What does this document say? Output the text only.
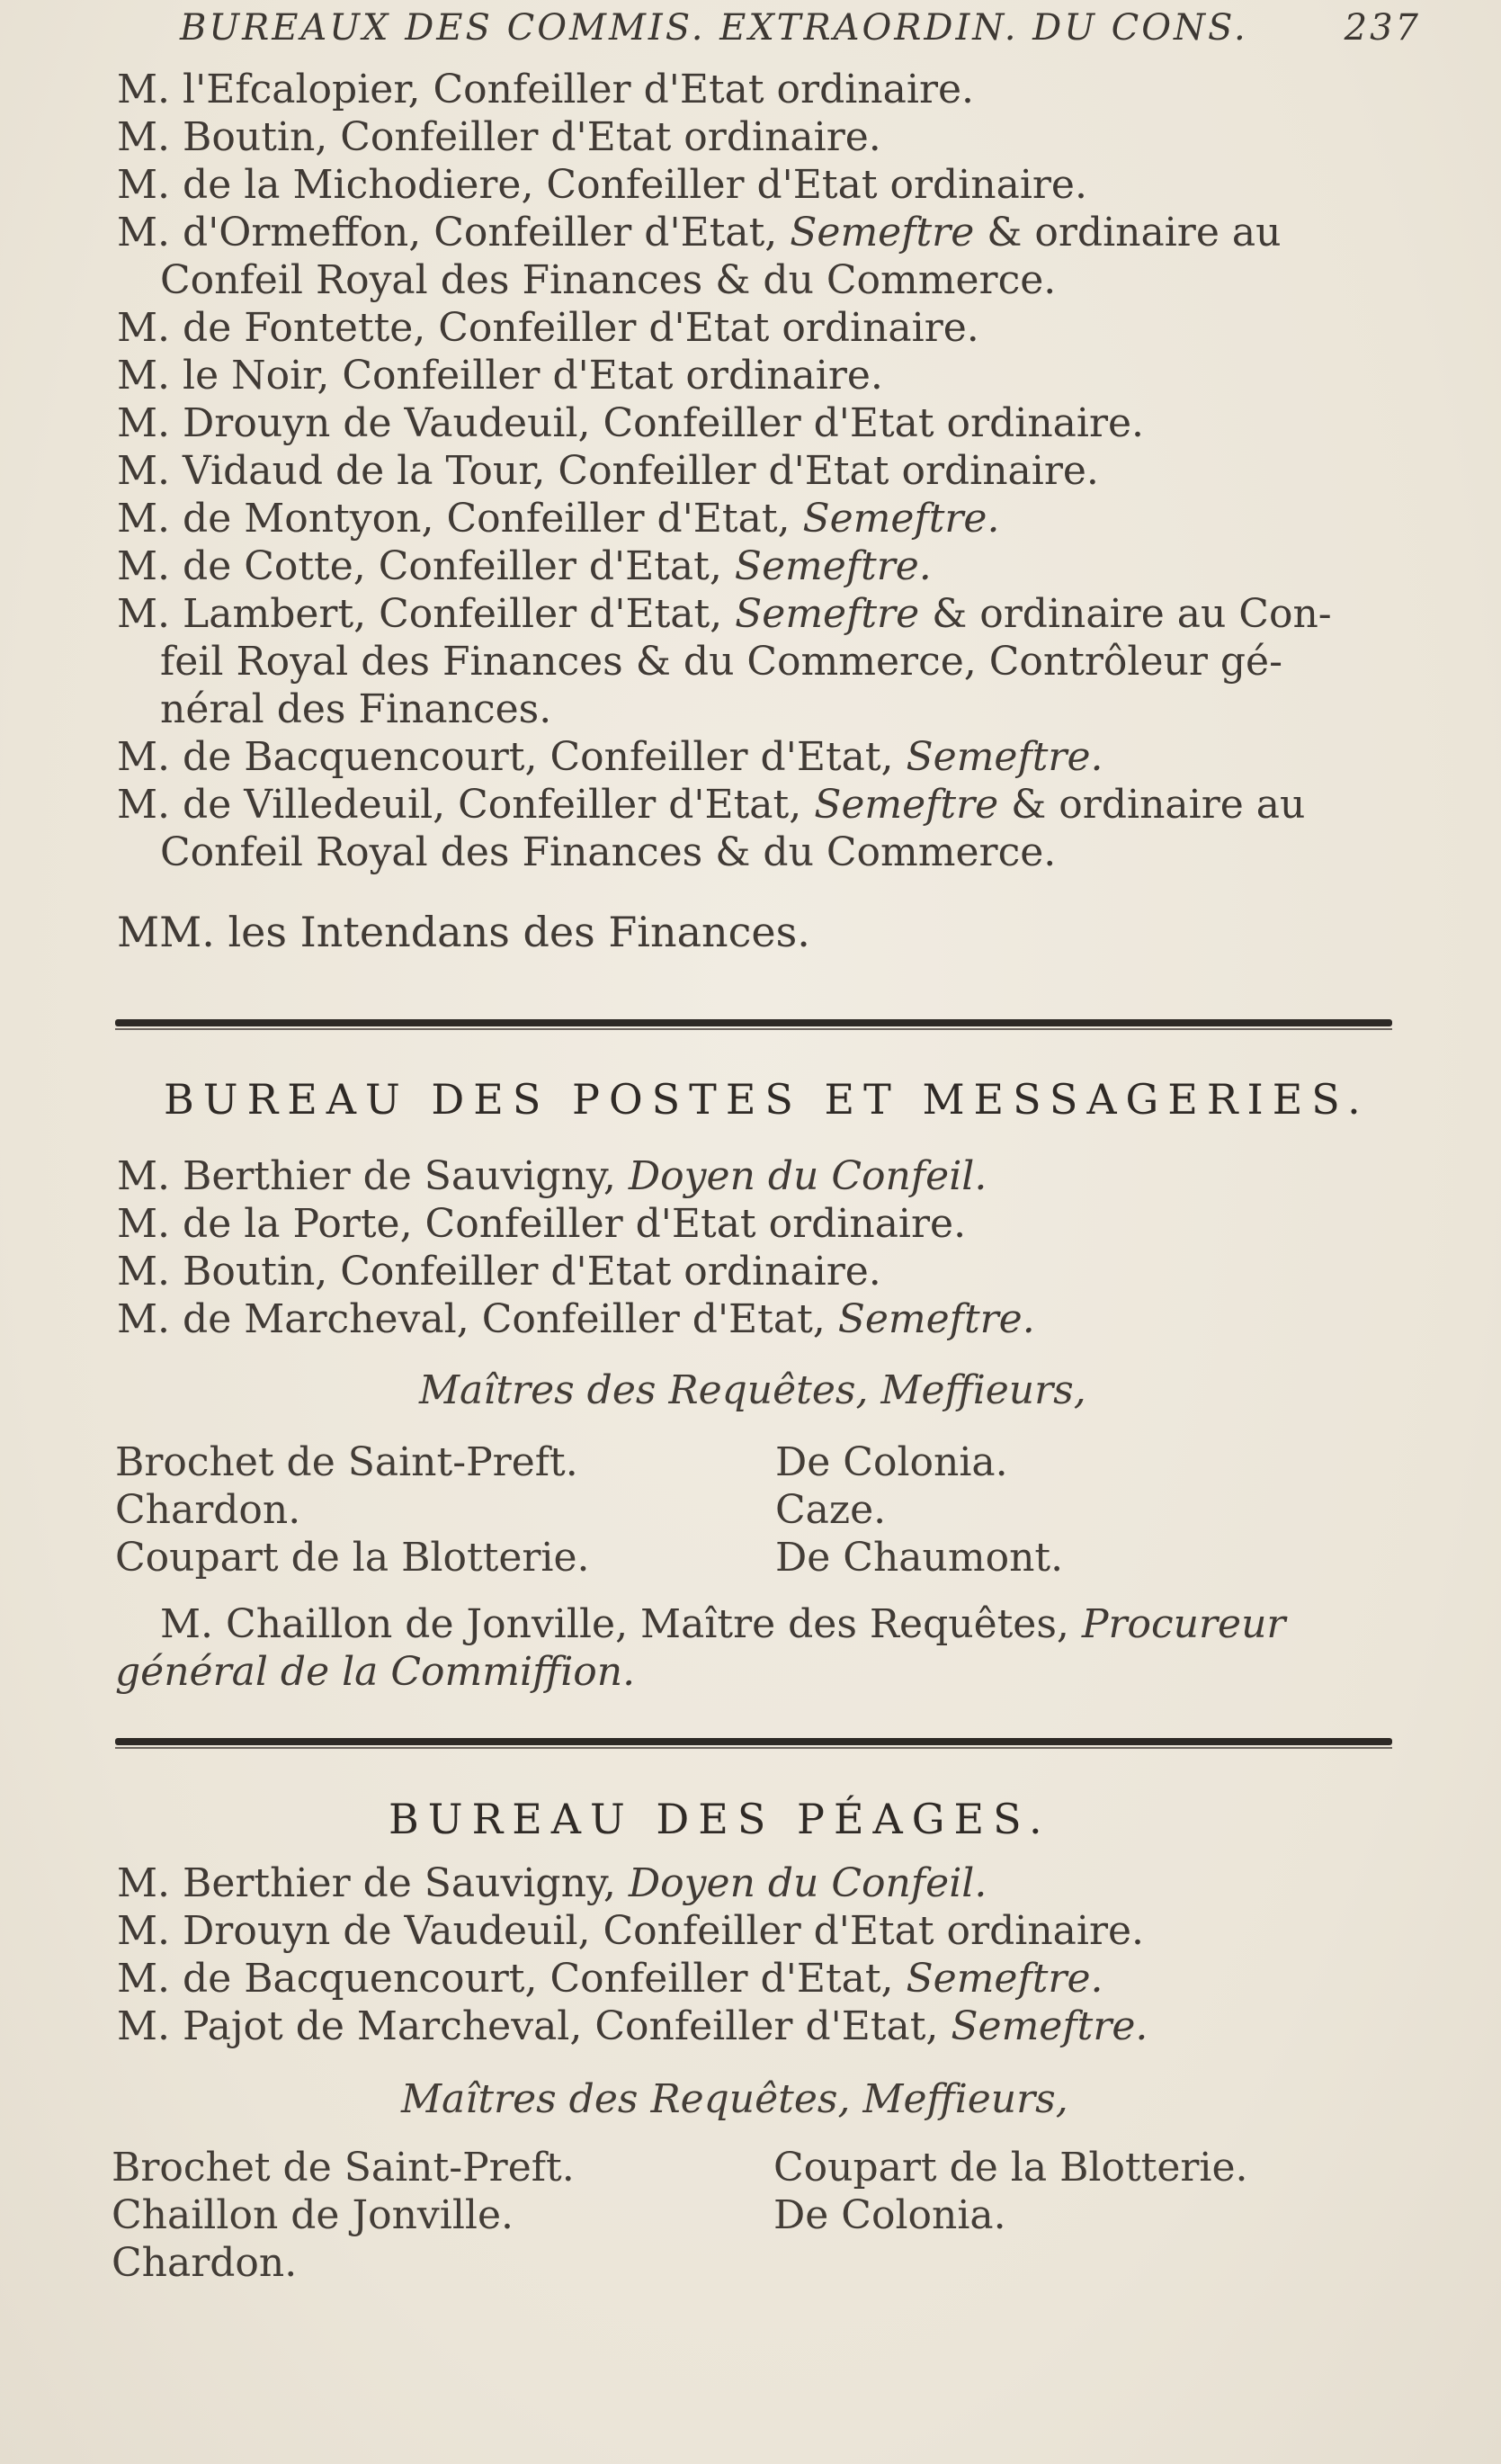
BUREAUX DES COMMIS. EXTRAORDIN. DU CONS.	237
M. l'Efcalopier, Confeiller d'Etat ordinaire.
M. Boutin, Confeiller d'Etat ordinaire.
M. de la Michodiere, Confeiller d'Etat ordinaire.
M. d'Ormeffon, Confeiller d'Etat, Semeftre & ordinaire au
Confeil Royal des Finances & du Commerce.
M. de Fontette, Confeiller d'Etat ordinaire.
M. le Noir, Confeiller d'Etat ordinaire.
M. Drouyn de Vaudeuil, Confeiller d'Etat ordinaire.
M. Vidaud de la Tour, Confeiller d'Etat ordinaire.
M. de Montyon, Confeiller d'Etat, Semeftre.
M. de Cotte, Confeiller d'Etat, Semeftre.
M. Lambert, Confeiller d'Etat, Semeftre & ordinaire au Con-
feil Royal des Finances & du Commerce, Contrôleur gé-
néral des Finances.
M. de Bacquencourt, Confeiller d'Etat, Semeftre.
M. de Villedeuil, Confeiller d'Etat, Semeftre & ordinaire au
Confeil Royal des Finances & du Commerce.
MM. les Intendans des Finances.
BUREAU DES POSTES ET MESSAGERIES.
M. Berthier de Sauvigny, Doyen du Confeil.
M. de la Porte, Confeiller d'Etat ordinaire.
M. Boutin, Confeiller d'Etat ordinaire.
M. de Marcheval, Confeiller d'Etat, Semeftre.
Maîtres des Requêtes, Meffieurs,
Brochet de Saint-Preft.
Chardon.
Coupart de la Blotterie.
De Colonia.
Caze.
De Chaumont.
M. Chaillon de Jonville, Maître des Requêtes, Procureur
général de la Commiffion.
BUREAU DES PÉAGES.
M. Berthier de Sauvigny, Doyen du Confeil.
M. Drouyn de Vaudeuil, Confeiller d'Etat ordinaire.
M. de Bacquencourt, Confeiller d'Etat, Semeftre.
M. Pajot de Marcheval, Confeiller d'Etat, Semeftre.
Maîtres des Requêtes, Meffieurs,
Brochet de Saint-Preft.
Chaillon de Jonville.
Chardon.
Coupart de la Blotterie.
De Colonia.
